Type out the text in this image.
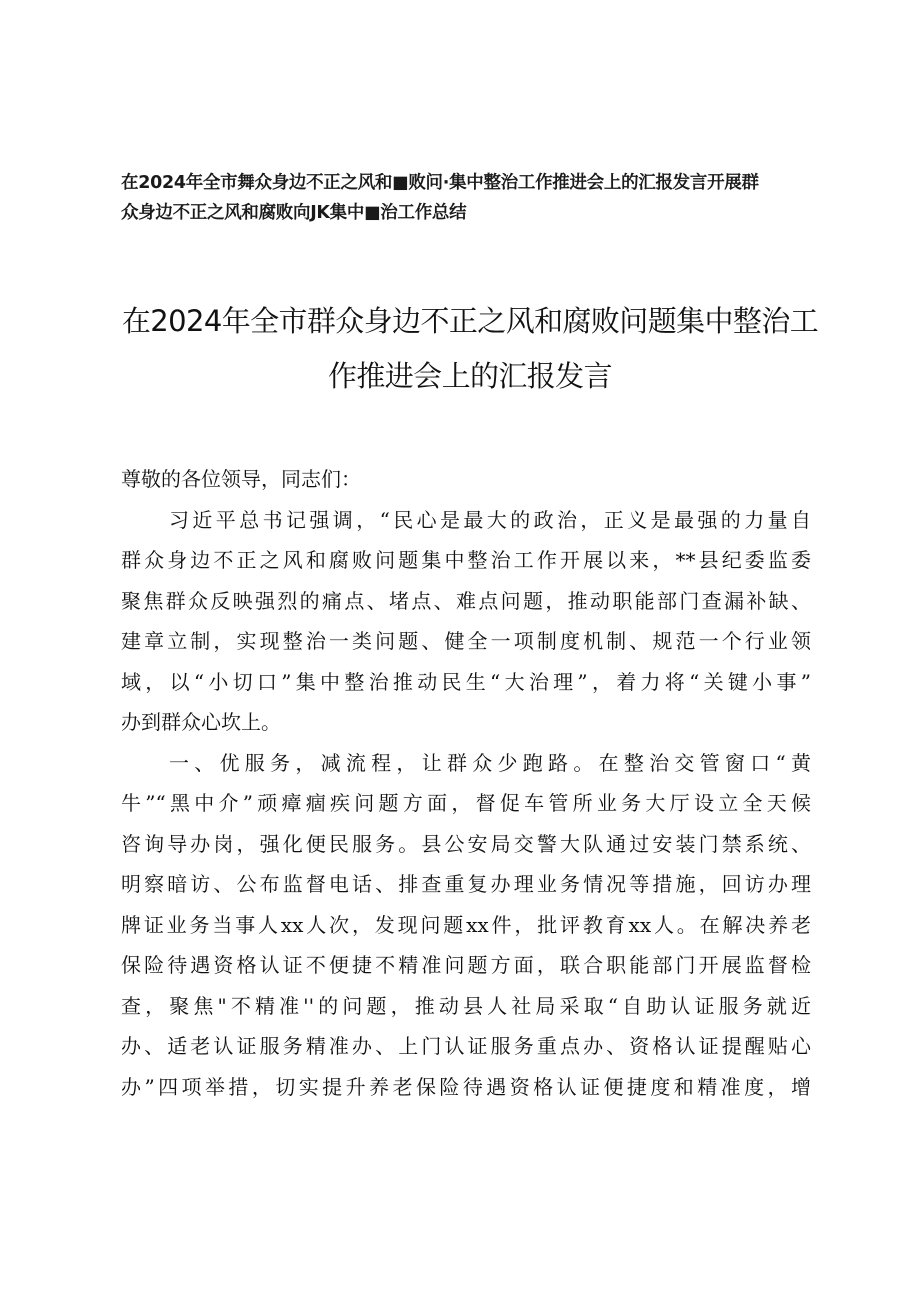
在2024年全市舞众身边不正之风和■败问·集中整治工作推进会上的汇报发言开展群
众身边不正之风和腐败向JK集中■治工作总结
在2024年全市群众身边不正之风和腐败问题集中整治工
作推进会上的汇报发言
尊敬的各位领导，同志们：
习近平总书记强调，“民心是最大的政治，正义是最强的力量自
群众身边不正之风和腐败问题集中整治工作开展以来，**县纪委监委
聚焦群众反映强烈的痛点、堵点、难点问题，推动职能部门查漏补缺、
建章立制，实现整治一类问题、健全一项制度机制、规范一个行业领
域，以“小切口”集中整治推动民生“大治理”，着力将“关键小事”
办到群众心坎上。
一、优服务，减流程，让群众少跑路。在整治交管窗口“黄
牛”“黑中介”顽瘴痼疾问题方面，督促车管所业务大厅设立全天候
咨询导办岗，强化便民服务。县公安局交警大队通过安装门禁系统、
明察暗访、公布监督电话、排查重复办理业务情况等措施，回访办理
牌证业务当事人xx人次，发现问题xx件，批评教育xx人。在解决养老
保险待遇资格认证不便捷不精准问题方面，联合职能部门开展监督检
查，聚焦"不精准''的问题，推动县人社局采取“自助认证服务就近
办、适老认证服务精准办、上门认证服务重点办、资格认证提醒贴心
办”四项举措，切实提升养老保险待遇资格认证便捷度和精准度，增
